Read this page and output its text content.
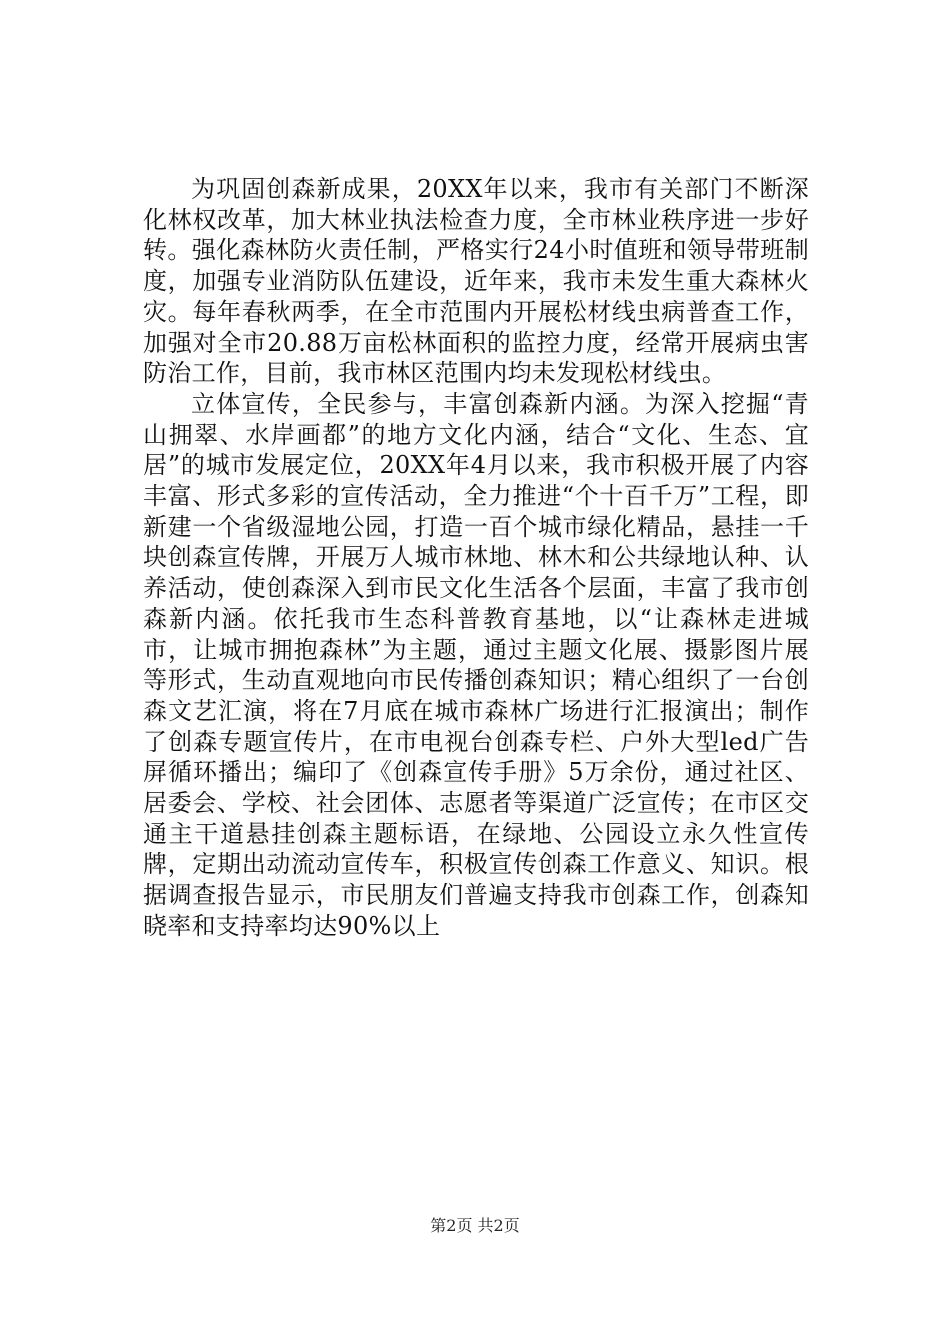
为巩固创森新成果，20XX年以来，我市有关部门不断深化林权改革，加大林业执法检查力度，全市林业秩序进一步好转。强化森林防火责任制，严格实行24小时值班和领导带班制度，加强专业消防队伍建设，近年来，我市未发生重大森林火灾。每年春秋两季，在全市范围内开展松材线虫病普查工作，加强对全市20.88万亩松林面积的监控力度，经常开展病虫害防治工作，目前，我市林区范围内均未发现松材线虫。

立体宣传，全民参与，丰富创森新内涵。为深入挖掘“青山拥翠、水岸画都”的地方文化内涵，结合“文化、生态、宜居”的城市发展定位，20XX年4月以来，我市积极开展了内容丰富、形式多彩的宣传活动，全力推进“个十百千万”工程，即新建一个省级湿地公园，打造一百个城市绿化精品，悬挂一千块创森宣传牌，开展万人城市林地、林木和公共绿地认种、认养活动，使创森深入到市民文化生活各个层面，丰富了我市创森新内涵。依托我市生态科普教育基地，以“让森林走进城市，让城市拥抱森林”为主题，通过主题文化展、摄影图片展等形式，生动直观地向市民传播创森知识；精心组织了一台创森文艺汇演，将在7月底在城市森林广场进行汇报演出；制作了创森专题宣传片，在市电视台创森专栏、户外大型led广告屏循环播出；编印了《创森宣传手册》5万余份，通过社区、居委会、学校、社会团体、志愿者等渠道广泛宣传；在市区交通主干道悬挂创森主题标语，在绿地、公园设立永久性宣传牌，定期出动流动宣传车，积极宣传创森工作意义、知识。根据调查报告显示，市民朋友们普遍支持我市创森工作，创森知晓率和支持率均达90%以上

第2页 共2页
